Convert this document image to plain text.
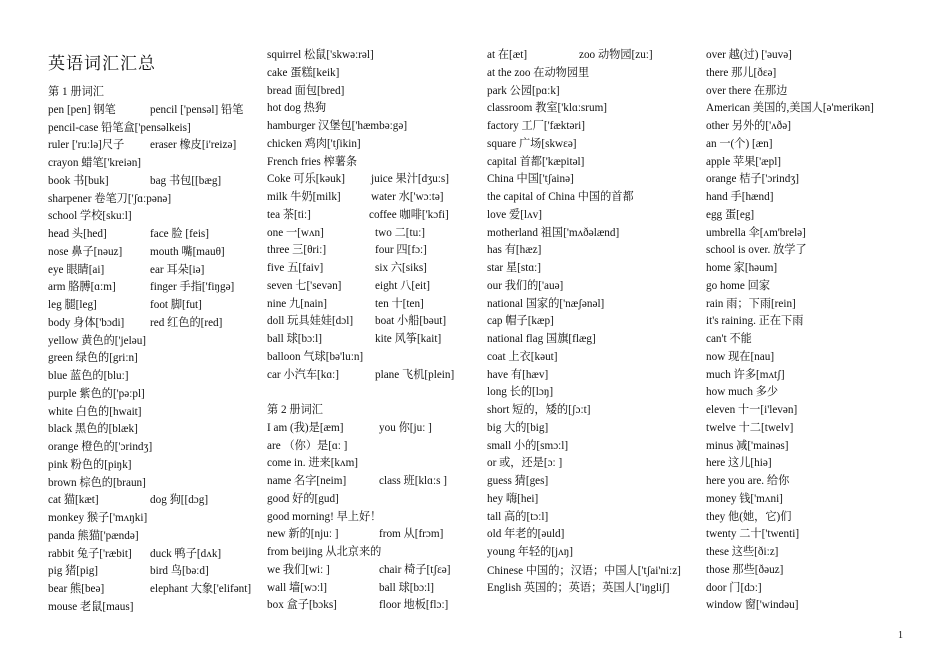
英语词汇汇总
第 1 册词汇
pen [pen] 钢笔	pencil ['pensəl] 铅笔
pencil-case 铅笔盒['pensəlkeis]
ruler ['ruːlə]尺子 eraser 橡皮[i'reizə]
crayon 蜡笔['kreiən]
book 书[buk]	bag 书包[[bæg]
sharpener 卷笔刀['ʃɑːpənə]
school 学校[skuːl]
head 头[hed]	face 脸 [feis]
nose 鼻子[nəuz] mouth 嘴[mauθ]
eye 眼睛[ai]	ear 耳朵[iə]
arm 胳膊[ɑːm]	finger 手指['fiŋgə]
leg 腿[leg]	foot 脚[fut]
body 身体['bɔdi] red 红色的[red]
yellow 黄色的['jeləu]
green 绿色的[griːn]
blue 蓝色的[bluː]
purple 紫色的['pəːpl]
white 白色的[hwait]
black 黑色的[blæk]
orange 橙色的['ɔrindʒ]
pink 粉色的[piŋk]
brown 棕色的[braun]
cat 猫[kæt]	dog 狗[[dɔg]
monkey 猴子['mʌŋki]
panda 熊猫['pændə]
rabbit 兔子['ræbit] duck 鸭子[dʌk]
pig 猪[pig]	bird 鸟[bəːd]
bear 熊[beə]	elephant 大象['elifənt]
mouse 老鼠[maus]
squirrel 松鼠['skwəːrəl]
cake 蛋糕[keik]
bread 面包[bred]
hot dog 热狗
hamburger 汉堡包['hæmbəːgə]
chicken 鸡肉['tʃikin]
French fries 榨薯条
Coke 可乐[kəuk] juice 果汁[dʒuːs]
milk 牛奶[milk]	water 水['wɔːtə]
tea 茶[tiː]	coffee 咖啡['kɔfi]
one 一[wʌn]	two 二[tuː]
three 三[θriː]	four 四[fɔː]
five 五[faiv]	six 六[siks]
seven 七['sevən]	eight 八[eit]
nine 九[nain]	ten 十[ten]
doll 玩具娃娃[dɔl] boat 小船[bəut]
ball 球[bɔːl]	kite 风筝[kait]
balloon 气球[bə'luːn]
car 小汽车[kɑː]	plane 飞机[plein]
第 2 册词汇
I am (我)是[æm]	you 你[juː ]
are （你）是[ɑː ]
come in. 进来[kʌm]
name 名字[neim]	class 班[klɑːs ]
good 好的[gud]
good morning! 早上好！
new 新的[njuː ]	from 从[frɔm]
from beijing 从北京来的
we 我们[wiː ]	chair 椅子[tʃεə]
wall 墙[wɔːl]	ball 球[bɔːl]
box 盒子[bɔks]	floor 地板[flɔː]
at 在[æt]	zoo 动物园[zuː]
at the zoo 在动物园里
park 公园[pɑːk]
classroom 教室['klɑːsrum]
factory 工厂['fæktəri]
square 广场[skwεə]
capital 首都['kæpitəl]
China 中国['tʃainə]
the capital of China 中国的首都
love 爱[lʌv]
motherland 祖国['mʌðəlænd]
has 有[hæz]
star 星[stɑː]
our 我们的['auə]
national 国家的['næʃənəl]
cap 帽子[kæp]
national flag 国旗[flæg]
coat 上衣[kəut]
have 有[hæv]
long 长的[lɔŋ]
short 短的，矮的[ʃɔːt]
big 大的[big]
small 小的[smɔːl]
or 或，还是[ɔː ]
guess 猜[ges]
hey 嗨[hei]
tall 高的[tɔːl]
old 年老的[əuld]
young 年轻的[jʌŋ]
Chinese 中国的；汉语；中国人['tʃai'niːz]
English 英国的；英语；英国人['iŋgliʃ]
over 越(过) ['əuvə]
there 那儿[ðεə]
over there 在那边
American 美国的,美国人[ə'merikən]
other 另外的['ʌðə]
an 一(个) [æn]
apple 苹果['æpl]
orange 桔子['ɔrindʒ]
hand 手[hænd]
egg 蛋[eg]
umbrella 伞[ʌm'brelə]
school is over. 放学了
home 家[həum]
go home 回家
rain 雨；下雨[rein]
it's raining. 正在下雨
can't 不能
now 现在[nau]
much 许多[mʌtʃ]
how much 多少
eleven 十一[i'levən]
twelve 十二[twelv]
minus 减['mainəs]
here 这儿[hiə]
here you are. 给你
money 钱['mʌni]
they 他(她，它)们
twenty 二十['twenti]
these 这些[ðiːz]
those 那些[ðəuz]
door 门[dɔː]
window 窗['windəu]
1
